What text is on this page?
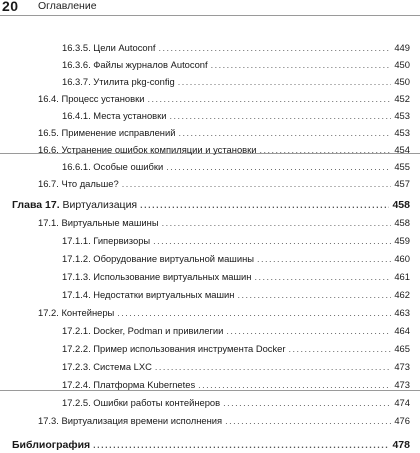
20 Оглавление
16.3.5. Цели Autoconf .....	449
16.3.6. Файлы журналов Autoconf .....	450
16.3.7. Утилита pkg-config .....	450
16.4. Процесс установки .....	452
16.4.1. Места установки .....	453
16.5. Применение исправлений .....	453
16.6. Устранение ошибок компиляции и установки .....	454
16.6.1. Особые ошибки .....	455
16.7. Что дальше? .....	457
Глава 17. Виртуализация .....	458
17.1. Виртуальные машины .....	458
17.1.1. Гипервизоры .....	459
17.1.2. Оборудование виртуальной машины .....	460
17.1.3. Использование виртуальных машин .....	461
17.1.4. Недостатки виртуальных машин .....	462
17.2. Контейнеры .....	463
17.2.1. Docker, Podman и привилегии .....	464
17.2.2. Пример использования инструмента Docker .....	465
17.2.3. Система LXC .....	473
17.2.4. Платформа Kubernetes .....	473
17.2.5. Ошибки работы контейнеров .....	474
17.3. Виртуализация времени исполнения .....	476
Библиография .....	478
